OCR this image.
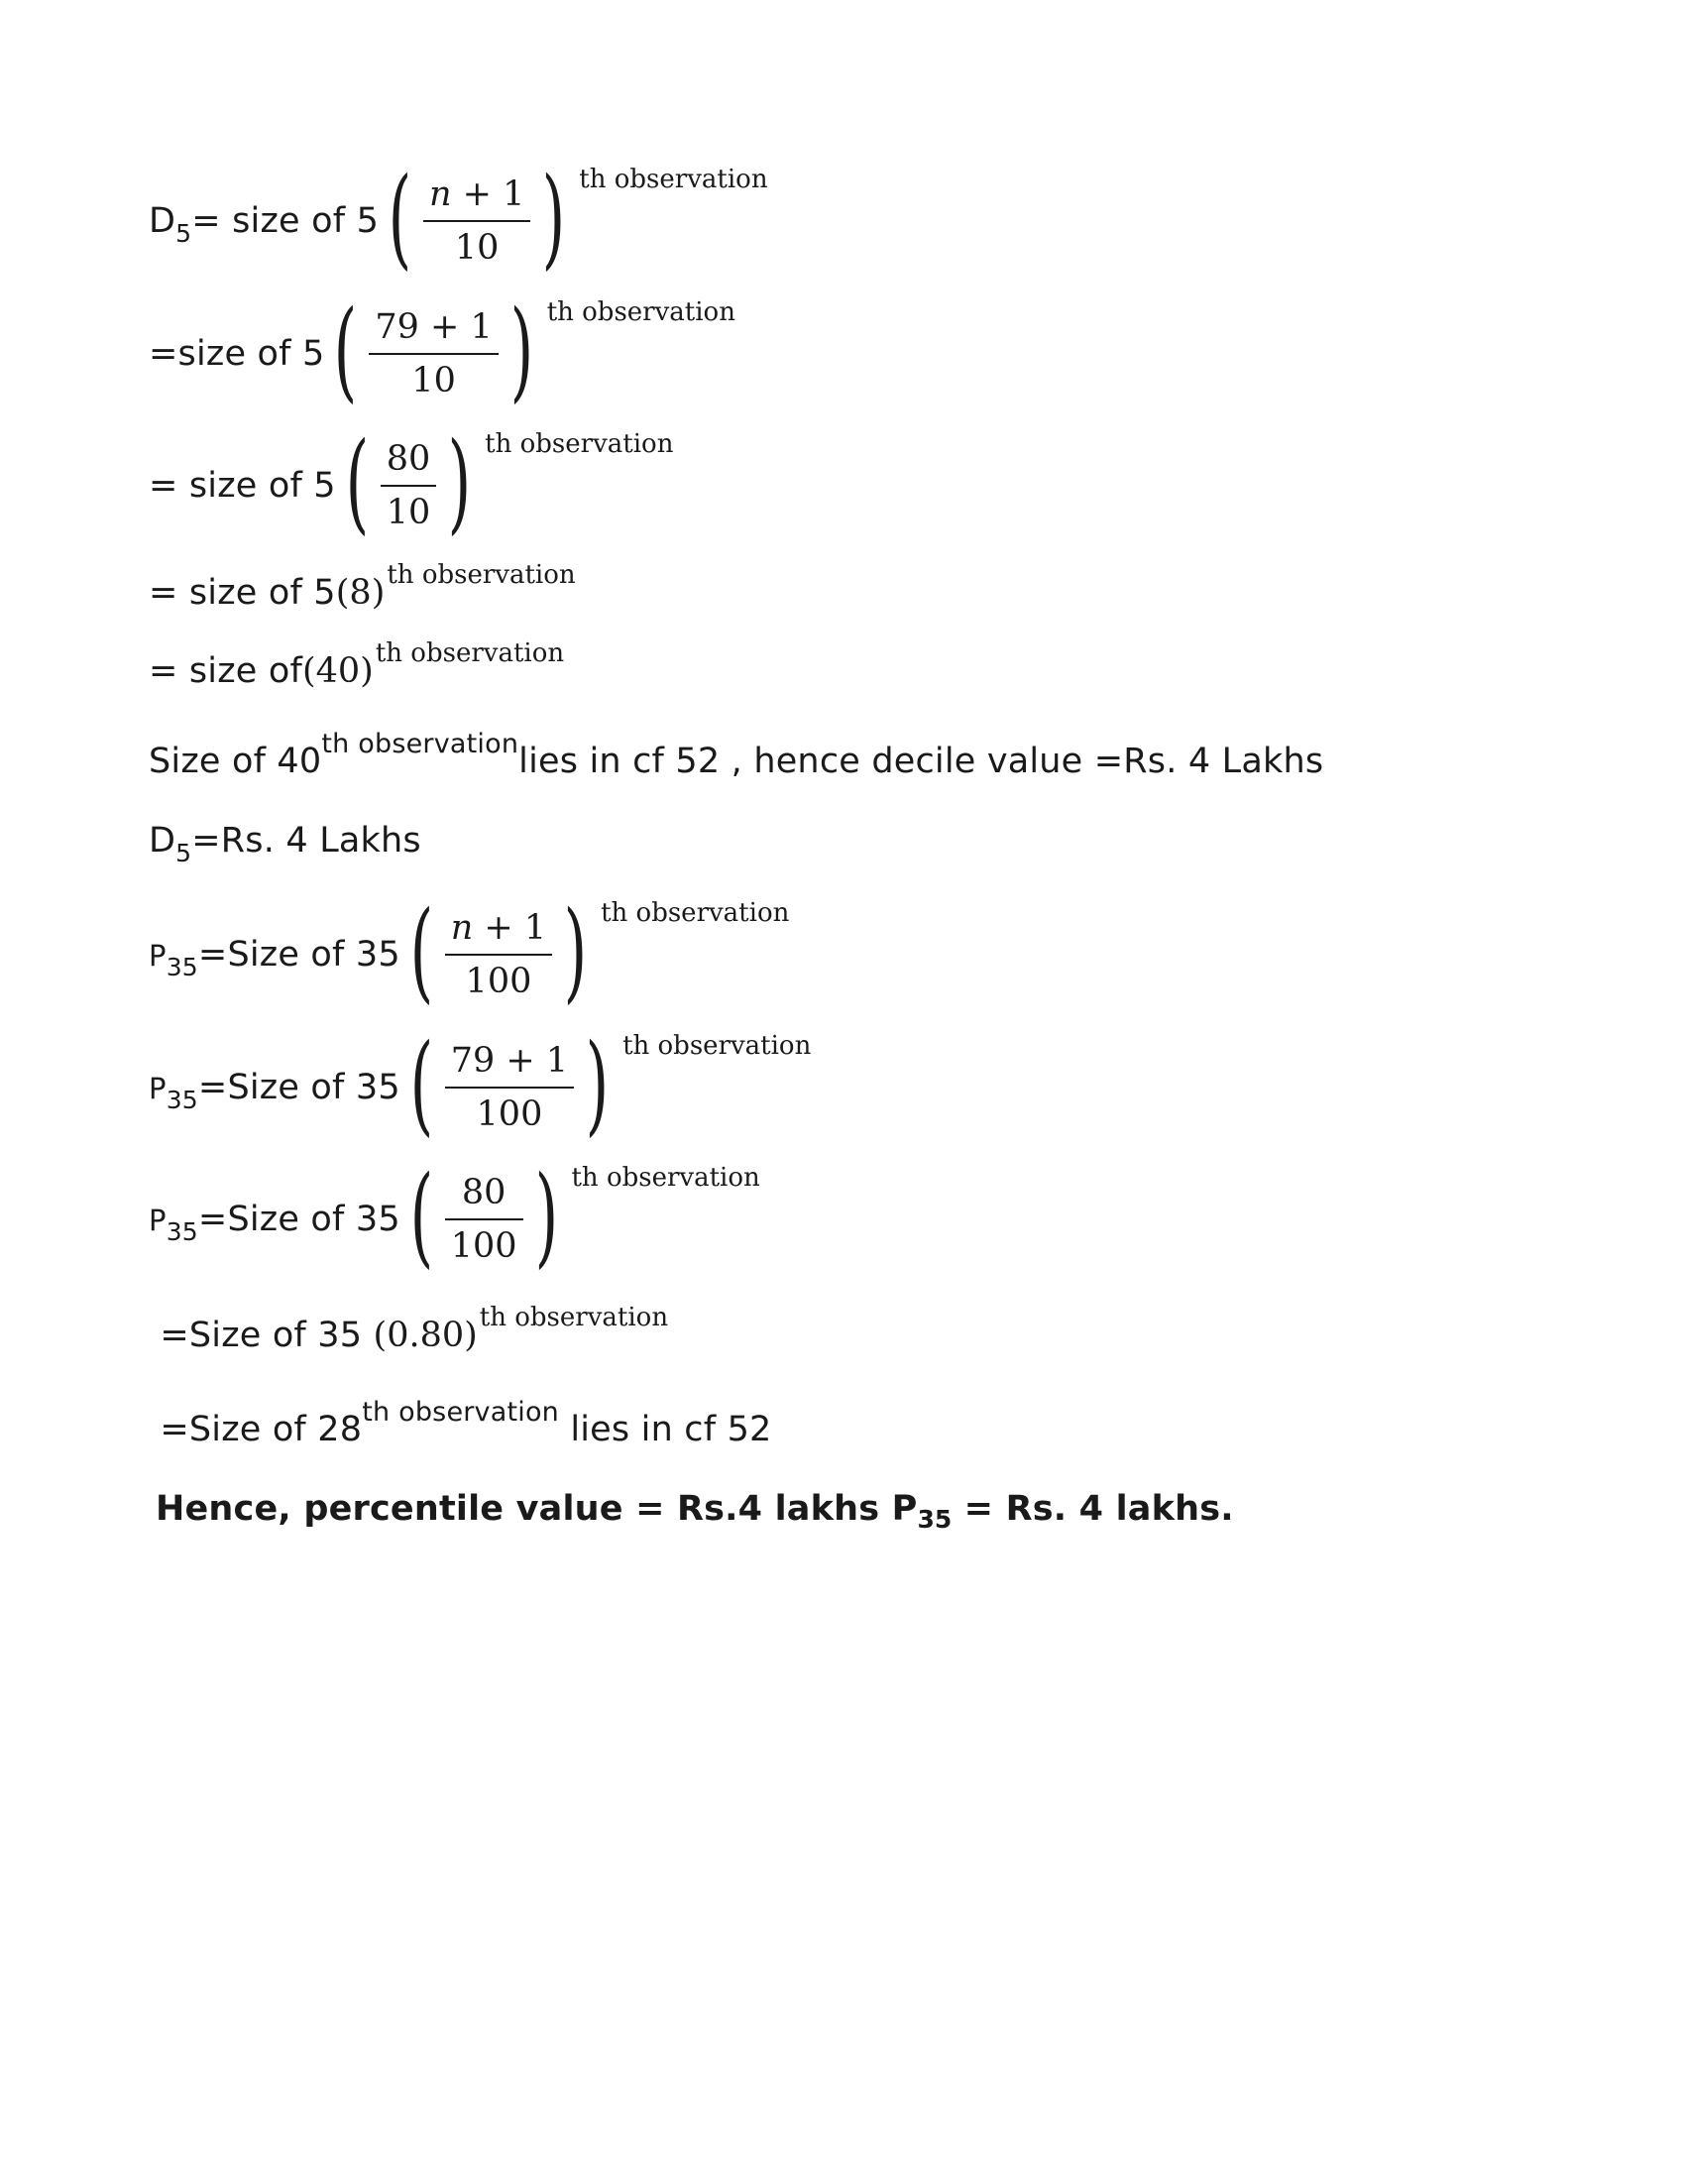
$D_5$ = size of 5 ( $\frac{n + 1}{10}$ ) th observation
=size of 5 ( $\frac{79 + 1}{10}$ ) th observation
= size of 5 ( $\frac{80}{10}$ ) th observation
= size of 5 (8) th observation
= size of (40) th observation
Size of 40 th observation lies in cf 52 , hence decile value =Rs. 4 Lakhs
$D_5 =Rs$. 4 Lakhs
$P_{35}$ =Size of 35 ( $\frac{n + 1}{100}$ ) th observation
$P_{35}$ =Size of 35 ( $\frac{79 + 1}{100}$ ) th observation
$P_{35}$ =Size of 35 ( $\frac{80}{100}$ ) th observation
=Size of 35 (0.80) th observation
=Size of 28 th observation lies in cf 52
Hence, percentile value = Rs.4 lakhs P 35 = Rs. 4 lakhs.
